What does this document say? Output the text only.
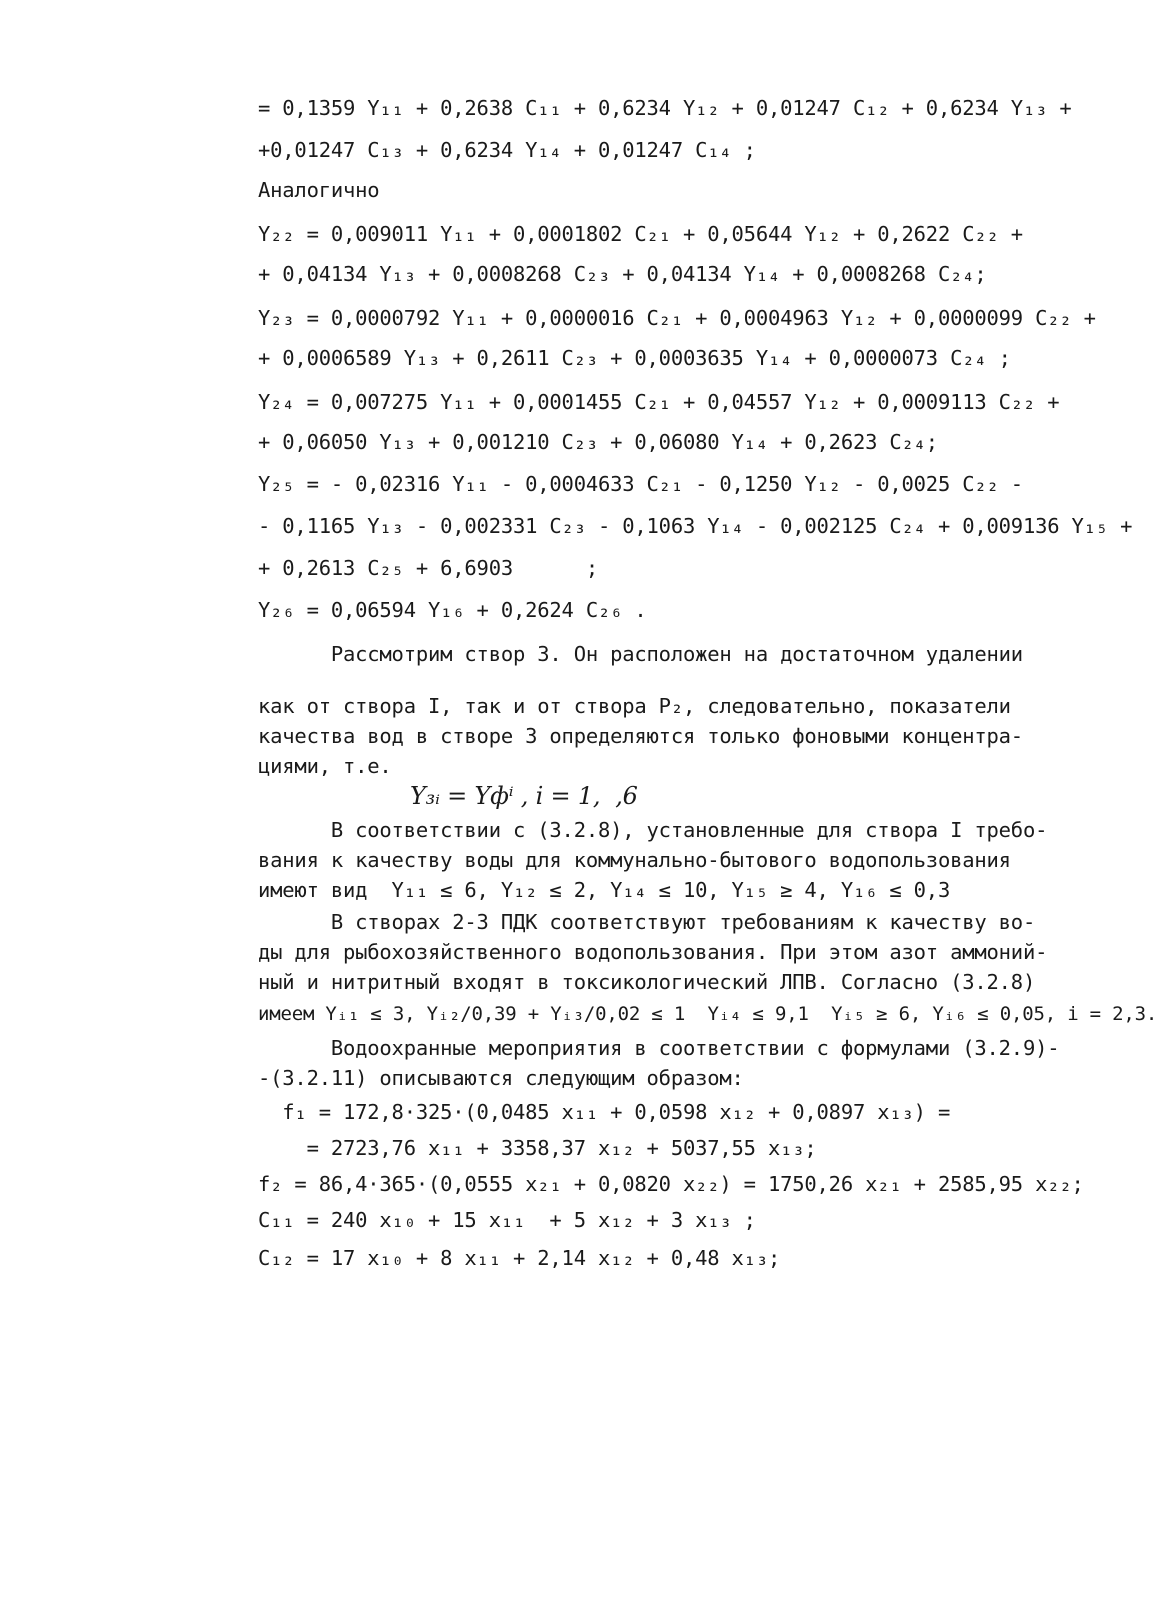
= 0,1359 Y₁₁ + 0,2638 C₁₁ + 0,6234 Y₁₂ + 0,01247 C₁₂ + 0,6234 Y₁₃ +
+0,01247 C₁₃ + 0,6234 Y₁₄ + 0,01247 C₁₄ ;
Аналогично
Y₂₂ = 0,009011 Y₁₁ + 0,0001802 C₂₁ + 0,05644 Y₁₂ + 0,2622 C₂₂ +
+ 0,04134 Y₁₃ + 0,0008268 C₂₃ + 0,04134 Y₁₄ + 0,0008268 C₂₄;
Y₂₃ = 0,0000792 Y₁₁ + 0,0000016 C₂₁ + 0,0004963 Y₁₂ + 0,0000099 C₂₂ +
+ 0,0006589 Y₁₃ + 0,2611 C₂₃ + 0,0003635 Y₁₄ + 0,0000073 C₂₄ ;
Y₂₄ = 0,007275 Y₁₁ + 0,0001455 C₂₁ + 0,04557 Y₁₂ + 0,0009113 C₂₂ +
+ 0,06050 Y₁₃ + 0,001210 C₂₃ + 0,06080 Y₁₄ + 0,2623 C₂₄;
Y₂₅ = - 0,02316 Y₁₁ - 0,0004633 C₂₁ - 0,1250 Y₁₂ - 0,0025 C₂₂ -
- 0,1165 Y₁₃ - 0,002331 C₂₃ - 0,1063 Y₁₄ - 0,002125 C₂₄ + 0,009136 Y₁₅ +
+ 0,2613 C₂₅ + 6,6903      ;
Y₂₆ = 0,06594 Y₁₆ + 0,2624 C₂₆ .
Рассмотрим створ 3. Он расположен на достаточном удалении
как от створа I, так и от створа P₂, следовательно, показатели
качества вод в створе 3 определяются только фоновыми концентра-
циями, т.е.
Y₃ᵢ = Yфⁱ , i = 1,  ,6
В соответствии с (3.2.8), установленные для створа I требо-
вания к качеству воды для коммунально-бытового водопользования
имеют вид  Y₁₁ ≤ 6, Y₁₂ ≤ 2, Y₁₄ ≤ 10, Y₁₅ ≥ 4, Y₁₆ ≤ 0,3
В створах 2-3 ПДК соответствуют требованиям к качеству во-
ды для рыбохозяйственного водопользования. При этом азот аммоний-
ный и нитритный входят в токсикологический ЛПВ. Согласно (3.2.8)
имеем Yᵢ₁ ≤ 3, Yᵢ₂/0,39 + Yᵢ₃/0,02 ≤ 1  Yᵢ₄ ≤ 9,1  Yᵢ₅ ≥ 6, Yᵢ₆ ≤ 0,05, i = 2,3.
Водоохранные мероприятия в соответствии с формулами (3.2.9)-
-(3.2.11) описываются следующим образом:
f₁ = 172,8·325·(0,0485 x₁₁ + 0,0598 x₁₂ + 0,0897 x₁₃) =
= 2723,76 x₁₁ + 3358,37 x₁₂ + 5037,55 x₁₃;
f₂ = 86,4·365·(0,0555 x₂₁ + 0,0820 x₂₂) = 1750,26 x₂₁ + 2585,95 x₂₂;
C₁₁ = 240 x₁₀ + 15 x₁₁  + 5 x₁₂ + 3 x₁₃ ;
C₁₂ = 17 x₁₀ + 8 x₁₁ + 2,14 x₁₂ + 0,48 x₁₃;
